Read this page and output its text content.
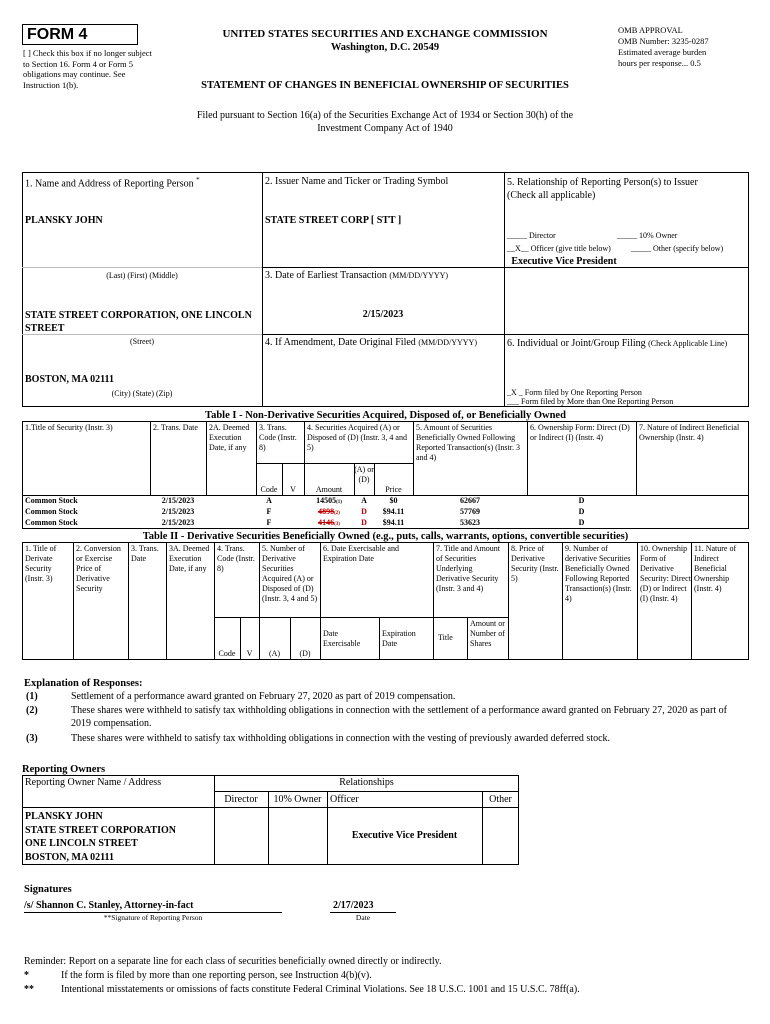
FORM 4
[ ] Check this box if no longer subject to Section 16. Form 4 or Form 5 obligations may continue. See Instruction 1(b).
UNITED STATES SECURITIES AND EXCHANGE COMMISSION
Washington, D.C. 20549
STATEMENT OF CHANGES IN BENEFICIAL OWNERSHIP OF SECURITIES
OMB APPROVAL
OMB Number: 3235-0287
Estimated average burden
hours per response... 0.5
Filed pursuant to Section 16(a) of the Securities Exchange Act of 1934 or Section 30(h) of the
Investment Company Act of 1940
1. Name and Address of Reporting Person *
PLANSKY JOHN
(Last) (First) (Middle)
STATE STREET CORPORATION, ONE LINCOLN STREET
(Street)
BOSTON, MA 02111
(City) (State) (Zip)
2. Issuer Name and Ticker or Trading Symbol
STATE STREET CORP [ STT ]
3. Date of Earliest Transaction (MM/DD/YYYY)
2/15/2023
4. If Amendment, Date Original Filed (MM/DD/YYYY)
5. Relationship of Reporting Person(s) to Issuer
(Check all applicable)
_____ Director	_____ 10% Owner
__X__ Officer (give title below)	_____ Other (specify below)
Executive Vice President
6. Individual or Joint/Group Filing (Check Applicable Line)
_X _ Form filed by One Reporting Person
___ Form filed by More than One Reporting Person
Table I - Non-Derivative Securities Acquired, Disposed of, or Beneficially Owned
1.Title of Security (Instr. 3)	2. Trans. Date	2A. Deemed Execution Date, if any
3. Trans. Code (Instr. 8)
4. Securities Acquired (A) or Disposed of (D) (Instr. 3, 4 and 5)
5. Amount of Securities Beneficially Owned Following Reported Transaction(s) (Instr. 3 and 4)
6. Ownership Form: Direct (D) or Indirect (I) (Instr. 4)
7. Nature of Indirect Beneficial Ownership (Instr. 4)
Code	V	Amount
(A) or (D)
Price
Common Stock	2/15/2023	A	14505(1)	A	$0	62667	D
Common Stock	2/15/2023	F	4898(2)	D	$94.11	57769	D
Common Stock	2/15/2023	F	4146(3)	D	$94.11	53623	D
Table II - Derivative Securities Beneficially Owned (e.g., puts, calls, warrants, options, convertible securities)
1. Title of Derivate Security (Instr. 3)
2. Conversion or Exercise Price of Derivative Security
3. Trans. Date
3A. Deemed Execution Date, if any
4. Trans. Code (Instr. 8)
5. Number of Derivative Securities Acquired (A) or Disposed of (D) (Instr. 3, 4 and 5)
6. Date Exercisable and Expiration Date
7. Title and Amount of Securities Underlying Derivative Security (Instr. 3 and 4)
8. Price of Derivative Security (Instr. 5)
9. Number of derivative Securities Beneficially Owned Following Reported Transaction(s) (Instr. 4)
10. Ownership Form of Derivative Security: Direct (D) or Indirect (I) (Instr. 4)
11. Nature of Indirect Beneficial Ownership (Instr. 4)
Code	V	(A)	(D)
Date Exercisable
Expiration Date
Title
Amount or Number of Shares
Explanation of Responses:
(1)	Settlement of a performance award granted on February 27, 2020 as part of 2019 compensation.
(2)	These shares were withheld to satisfy tax withholding obligations in connection with the settlement of a performance award granted on February 27, 2020 as part of 2019 compensation.
(3)	These shares were withheld to satisfy tax withholding obligations in connection with the vesting of previously awarded deferred stock.
Reporting Owners
Reporting Owner Name / Address	Relationships
Director	10% Owner Officer	Other
PLANSKY JOHN
STATE STREET CORPORATION
ONE LINCOLN STREET
BOSTON, MA 02111
Executive Vice President
Signatures
/s/ Shannon C. Stanley, Attorney-in-fact
**Signature of Reporting Person
2/17/2023
Date
Reminder: Report on a separate line for each class of securities beneficially owned directly or indirectly.
*	If the form is filed by more than one reporting person, see Instruction 4(b)(v).
**	Intentional misstatements or omissions of facts constitute Federal Criminal Violations. See 18 U.S.C. 1001 and 15 U.S.C. 78ff(a).
